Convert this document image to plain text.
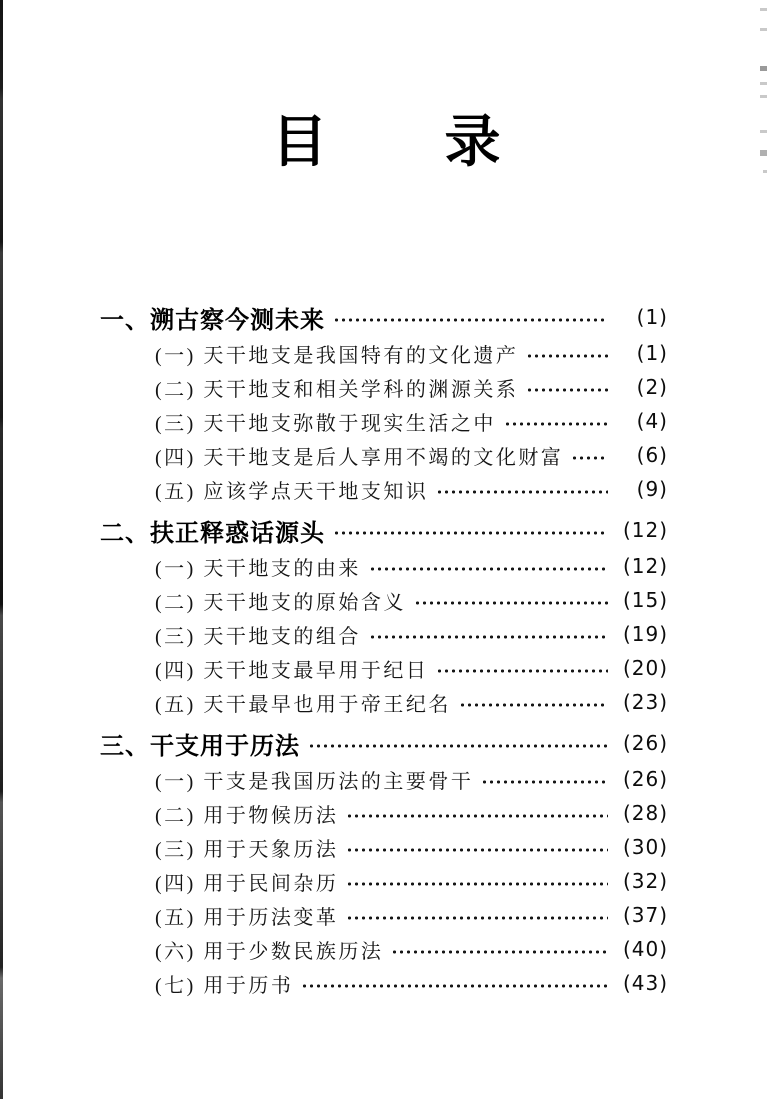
目 录
一、溯古察今测未来	(1)
(一) 天干地支是我国特有的文化遗产	(1)
(二) 天干地支和相关学科的渊源关系	(2)
(三) 天干地支弥散于现实生活之中	(4)
(四) 天干地支是后人享用不竭的文化财富	(6)
(五) 应该学点天干地支知识	(9)
二、扶正释惑话源头	(12)
(一) 天干地支的由来	(12)
(二) 天干地支的原始含义	(15)
(三) 天干地支的组合	(19)
(四) 天干地支最早用于纪日	(20)
(五) 天干最早也用于帝王纪名	(23)
三、干支用于历法	(26)
(一) 干支是我国历法的主要骨干	(26)
(二) 用于物候历法	(28)
(三) 用于天象历法	(30)
(四) 用于民间杂历	(32)
(五) 用于历法变革	(37)
(六) 用于少数民族历法	(40)
(七) 用于历书	(43)
